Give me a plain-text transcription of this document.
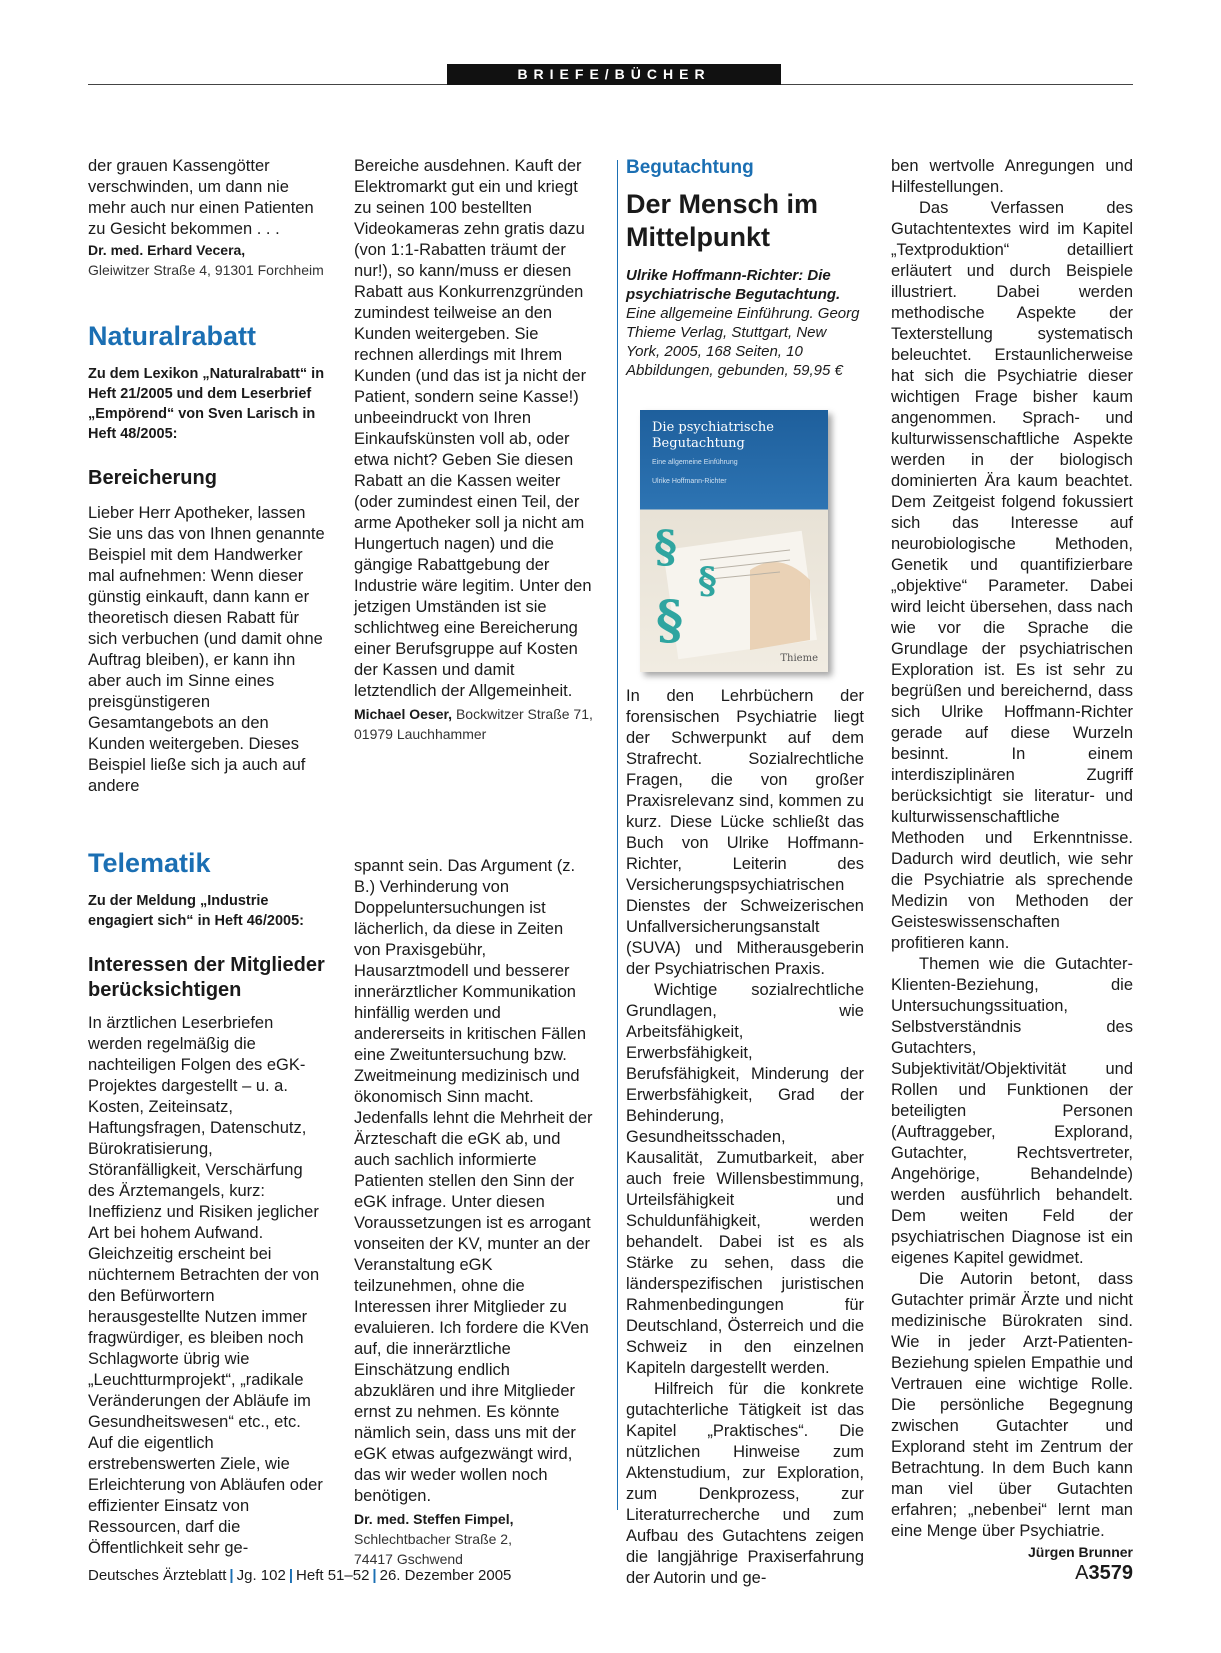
BRIEFE/BÜCHER

der grauen Kassengötter verschwinden, um dann nie mehr auch nur einen Patienten zu Gesicht bekommen . . .

Dr. med. Erhard Vecera,
Gleiwitzer Straße 4, 91301 Forchheim
Naturalrabatt
Zu dem Lexikon „Naturalrabatt“ in Heft 21/2005 und dem Leserbrief „Empörend“ von Sven Larisch in Heft 48/2005:
Bereicherung

Lieber Herr Apotheker, lassen Sie uns das von Ihnen genannte Beispiel mit dem Handwerker mal aufnehmen: Wenn dieser günstig einkauft, dann kann er theoretisch diesen Rabatt für sich verbuchen (und damit ohne Auftrag bleiben), er kann ihn aber auch im Sinne eines preisgünstigeren Gesamtangebots an den Kunden weitergeben. Dieses Beispiel ließe sich ja auch auf andere

Telematik
Zu der Meldung „Industrie engagiert sich“ in Heft 46/2005:
Interessen der Mitglieder berücksichtigen

In ärztlichen Leserbriefen werden regelmäßig die nachteiligen Folgen des eGK-Projektes dargestellt – u. a. Kosten, Zeiteinsatz, Haftungsfragen, Datenschutz, Bürokratisierung, Störanfälligkeit, Verschärfung des Ärztemangels, kurz: Ineffizienz und Risiken jeglicher Art bei hohem Aufwand. Gleichzeitig erscheint bei nüchternem Betrachten der von den Befürwortern herausgestellte Nutzen immer fragwürdiger, es bleiben noch Schlagworte übrig wie „Leuchtturmprojekt“, „radikale Veränderungen der Abläufe im Gesundheitswesen“ etc., etc. Auf die eigentlich erstrebenswerten Ziele, wie Erleichterung von Abläufen oder effizienter Einsatz von Ressourcen, darf die Öffentlichkeit sehr ge-

Bereiche ausdehnen. Kauft der Elektromarkt gut ein und kriegt zu seinen 100 bestellten Videokameras zehn gratis dazu (von 1:1-Rabatten träumt der nur!), so kann/muss er diesen Rabatt aus Konkurrenzgründen zumindest teilweise an den Kunden weitergeben. Sie rechnen allerdings mit Ihrem Kunden (und das ist ja nicht der Patient, sondern seine Kasse!) unbeeindruckt von Ihren Einkaufskünsten voll ab, oder etwa nicht? Geben Sie diesen Rabatt an die Kassen weiter (oder zumindest einen Teil, der arme Apotheker soll ja nicht am Hungertuch nagen) und die gängige Rabattgebung der Industrie wäre legitim. Unter den jetzigen Umständen ist sie schlichtweg eine Bereicherung einer Berufsgruppe auf Kosten der Kassen und damit letztendlich der Allgemeinheit.

Michael Oeser, Bockwitzer Straße 71, 01979 Lauchhammer

spannt sein. Das Argument (z. B.) Verhinderung von Doppeluntersuchungen ist lächerlich, da diese in Zeiten von Praxisgebühr, Hausarztmodell und besserer innerärztlicher Kommunikation hinfällig werden und andererseits in kritischen Fällen eine Zweituntersuchung bzw. Zweitmeinung medizinisch und ökonomisch Sinn macht. Jedenfalls lehnt die Mehrheit der Ärzteschaft die eGK ab, und auch sachlich informierte Patienten stellen den Sinn der eGK infrage. Unter diesen Voraussetzungen ist es arrogant vonseiten der KV, munter an der Veranstaltung eGK teilzunehmen, ohne die Interessen ihrer Mitglieder zu evaluieren. Ich fordere die KVen auf, die innerärztliche Einschätzung endlich abzuklären und ihre Mitglieder ernst zu nehmen. Es könnte nämlich sein, dass uns mit der eGK etwas aufgezwängt wird, das wir weder wollen noch benötigen.

Dr. med. Steffen Fimpel,
Schlechtbacher Straße 2,
74417 Gschwend
Begutachtung
Der Mensch im Mittelpunkt
Ulrike Hoffmann-Richter: Die psychiatrische Begutachtung. Eine allgemeine Einführung. Georg Thieme Verlag, Stuttgart, New York, 2005, 168 Seiten, 10 Abbildungen, gebunden, 59,95 €
Die psychiatrische Begutachtung
Eine allgemeine Einführung
Ulrike Hoffmann-Richter
§
§
§
Thieme

In den Lehrbüchern der forensischen Psychiatrie liegt der Schwerpunkt auf dem Strafrecht. Sozialrechtliche Fragen, die von großer Praxisrelevanz sind, kommen zu kurz. Diese Lücke schließt das Buch von Ulrike Hoffmann-Richter, Leiterin des Versicherungspsychiatrischen Dienstes der Schweizerischen Unfallversicherungsanstalt (SUVA) und Mitherausgeberin der Psychiatrischen Praxis.

Wichtige sozialrechtliche Grundlagen, wie Arbeitsfähigkeit, Erwerbsfähigkeit, Berufsfähigkeit, Minderung der Erwerbsfähigkeit, Grad der Behinderung, Gesundheitsschaden, Kausalität, Zumutbarkeit, aber auch freie Willensbestimmung, Urteilsfähigkeit und Schuldunfähigkeit, werden behandelt. Dabei ist es als Stärke zu sehen, dass die länderspezifischen juristischen Rahmenbedingungen für Deutschland, Österreich und die Schweiz in den einzelnen Kapiteln dargestellt werden.

Hilfreich für die konkrete gutachterliche Tätigkeit ist das Kapitel „Praktisches“. Die nützlichen Hinweise zum Aktenstudium, zur Exploration, zum Denkprozess, zur Literaturrecherche und zum Aufbau des Gutachtens zeigen die langjährige Praxiserfahrung der Autorin und ge-

ben wertvolle Anregungen und Hilfestellungen.

Das Verfassen des Gutachtentextes wird im Kapitel „Textproduktion“ detailliert erläutert und durch Beispiele illustriert. Dabei werden methodische Aspekte der Texterstellung systematisch beleuchtet. Erstaunlicherweise hat sich die Psychiatrie dieser wichtigen Frage bisher kaum angenommen. Sprach- und kulturwissenschaftliche Aspekte werden in der biologisch dominierten Ära kaum beachtet. Dem Zeitgeist folgend fokussiert sich das Interesse auf neurobiologische Methoden, Genetik und quantifizierbare „objektive“ Parameter. Dabei wird leicht übersehen, dass nach wie vor die Sprache die Grundlage der psychiatrischen Exploration ist. Es ist sehr zu begrüßen und bereichernd, dass sich Ulrike Hoffmann-Richter gerade auf diese Wurzeln besinnt. In einem interdisziplinären Zugriff berücksichtigt sie literatur- und kulturwissenschaftliche Methoden und Erkenntnisse. Dadurch wird deutlich, wie sehr die Psychiatrie als sprechende Medizin von Methoden der Geisteswissenschaften profitieren kann.

Themen wie die Gutachter-Klienten-Beziehung, die Untersuchungssituation, Selbstverständnis des Gutachters, Subjektivität/Objektivität und Rollen und Funktionen der beteiligten Personen (Auftraggeber, Explorand, Gutachter, Rechtsvertreter, Angehörige, Behandelnde) werden ausführlich behandelt. Dem weiten Feld der psychiatrischen Diagnose ist ein eigenes Kapitel gewidmet.

Die Autorin betont, dass Gutachter primär Ärzte und nicht medizinische Bürokraten sind. Wie in jeder Arzt-Patienten-Beziehung spielen Empathie und Vertrauen eine wichtige Rolle. Die persönliche Begegnung zwischen Gutachter und Explorand steht im Zentrum der Betrachtung. In dem Buch kann man viel über Gutachten erfahren; „nebenbei“ lernt man eine Menge über Psychiatrie.
Jürgen Brunner

Deutsches Ärzteblatt | Jg. 102 | Heft 51–52 | 26. Dezember 2005	A3579
